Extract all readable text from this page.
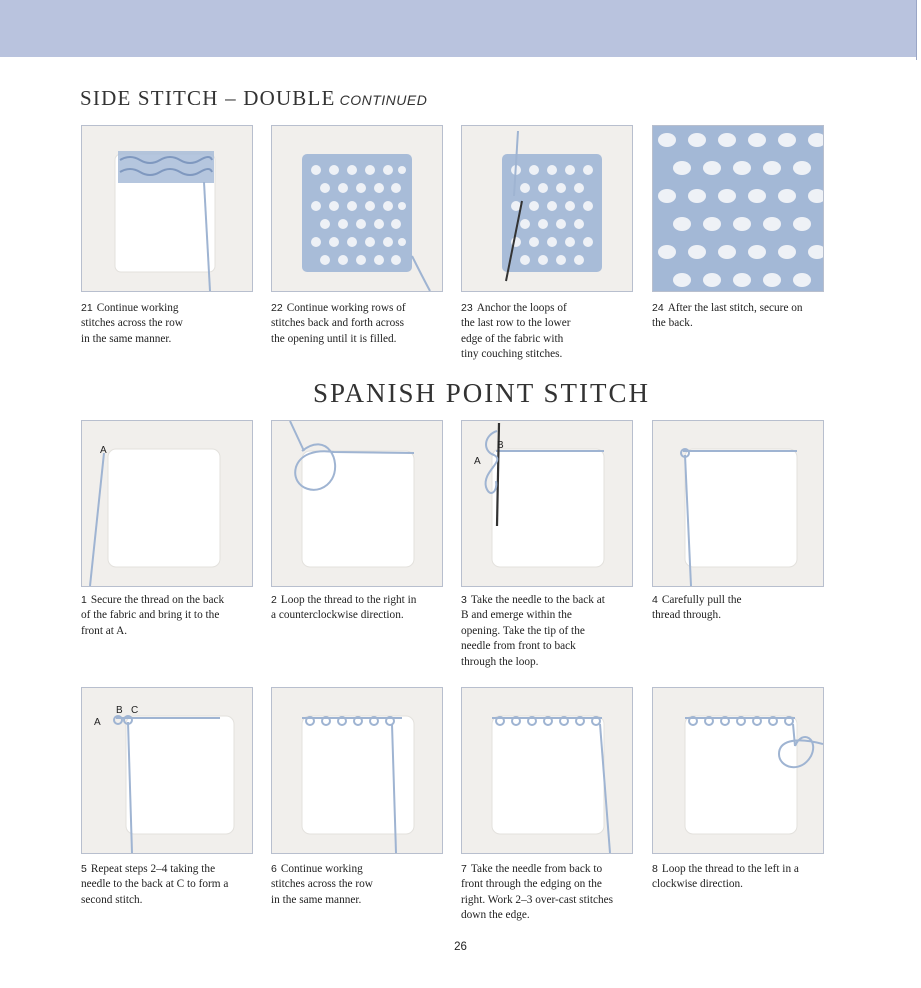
SIDE STITCH – DOUBLE CONTINUED
21 Continue working
stitches across the row
in the same manner.
22 Continue working rows of
stitches back and forth across
the opening until it is filled.
23 Anchor the loops of
the last row to the lower
edge of the fabric with
tiny couching stitches.
24 After the last stitch, secure on
the back.
SPANISH POINT STITCH
A	B
A
1 Secure the thread on the back
of the fabric and bring it to the
front at A.
2 Loop the thread to the right in
a counterclockwise direction.
3 Take the needle to the back at
B and emerge within the
opening. Take the tip of the
needle from front to back
through the loop.
4 Carefully pull the
thread through.
A
B C
5 Repeat steps 2–4 taking the
needle to the back at C to form a
second stitch.
6 Continue working
stitches across the row
in the same manner.
7 Take the needle from back to
front through the edging on the
right. Work 2–3 over-cast stitches
down the edge.
8 Loop the thread to the left in a
clockwise direction.
26
